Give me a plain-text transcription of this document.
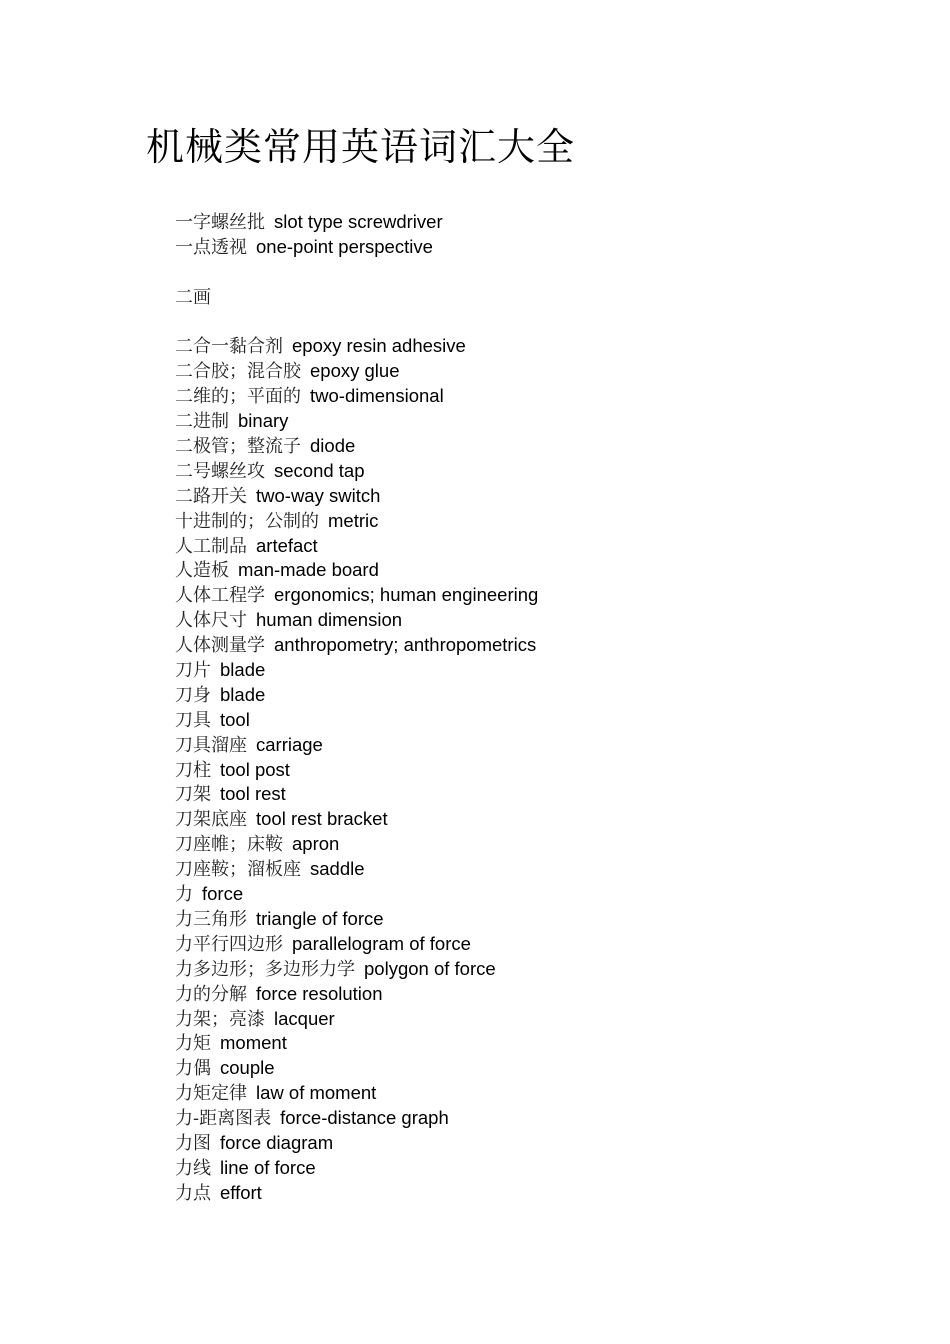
机械类常用英语词汇大全
一字螺丝批 slot type screwdriver
一点透视 one-point perspective
二画
二合一黏合剂 epoxy resin adhesive
二合胶；混合胶 epoxy glue
二维的；平面的 two-dimensional
二进制 binary
二极管；整流子 diode
二号螺丝攻 second tap
二路开关 two-way switch
十进制的；公制的 metric
人工制品 artefact
人造板 man-made board
人体工程学 ergonomics; human engineering
人体尺寸 human dimension
人体测量学 anthropometry; anthropometrics
刀片 blade
刀身 blade
刀具 tool
刀具溜座 carriage
刀柱 tool post
刀架 tool rest
刀架底座 tool rest bracket
刀座帷；床鞍 apron
刀座鞍；溜板座 saddle
力 force
力三角形 triangle of force
力平行四边形 parallelogram of force
力多边形；多边形力学 polygon of force
力的分解 force resolution
力架；亮漆 lacquer
力矩 moment
力偶 couple
力矩定律 law of moment
力-距离图表 force-distance graph
力图 force diagram
力线 line of force
力点 effort
